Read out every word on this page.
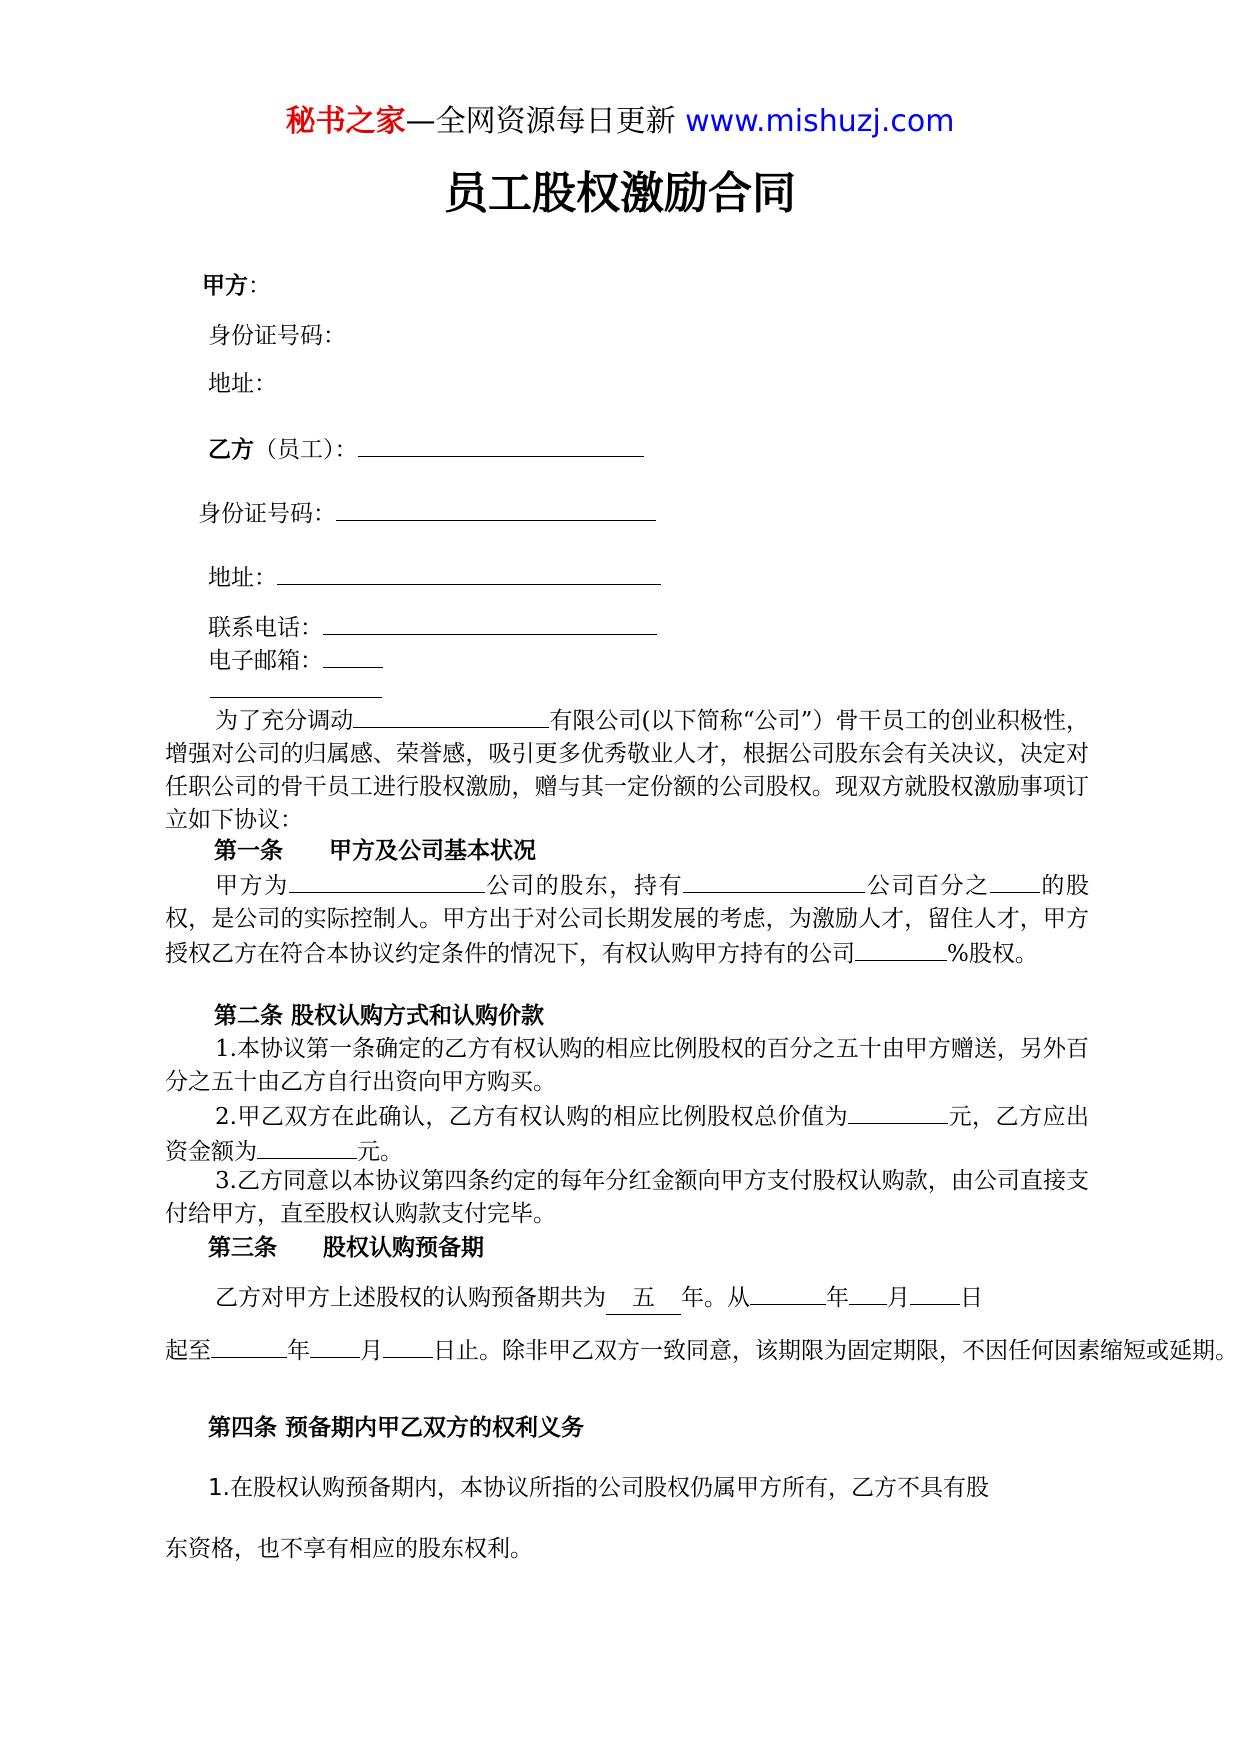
秘书之家—全网资源每日更新 www.mishuzj.com
员工股权激励合同
甲方：
身份证号码：
地址：
乙方（员工）：
身份证号码：
地址：
联系电话：
电子邮箱：
为了充分调动	有限公司(以下简称“公司”）骨干员工的创业积极性，增强对公司的归属感、荣誉感，吸引更多优秀敬业人才，根据公司股东会有关决议，决定对任职公司的骨干员工进行股权激励，赠与其一定份额的公司股权。现双方就股权激励事项订立如下协议：
第一条　　甲方及公司基本状况
甲方为	公司的股东，持有	公司百分之 的股权，是公司的实际控制人。甲方出于对公司长期发展的考虑，为激励人才，留住人才，甲方授权乙方在符合本协议约定条件的情况下，有权认购甲方持有的公司	%股权。
第二条 股权认购方式和认购价款
1.本协议第一条确定的乙方有权认购的相应比例股权的百分之五十由甲方赠送，另外百分之五十由乙方自行出资向甲方购买。
2.甲乙双方在此确认，乙方有权认购的相应比例股权总价值为	元，乙方应出资金额为	元。
3.乙方同意以本协议第四条约定的每年分红金额向甲方支付股权认购款，由公司直接支付给甲方，直至股权认购款支付完毕。
第三条　　股权认购预备期
乙方对甲方上述股权的认购预备期共为 五 年。从	年 月 日
起至	年 月 日止。除非甲乙双方一致同意，该期限为固定期限，不因任何因素缩短或延期。
第四条 预备期内甲乙双方的权利义务
1.在股权认购预备期内，本协议所指的公司股权仍属甲方所有，乙方不具有股
东资格，也不享有相应的股东权利。
